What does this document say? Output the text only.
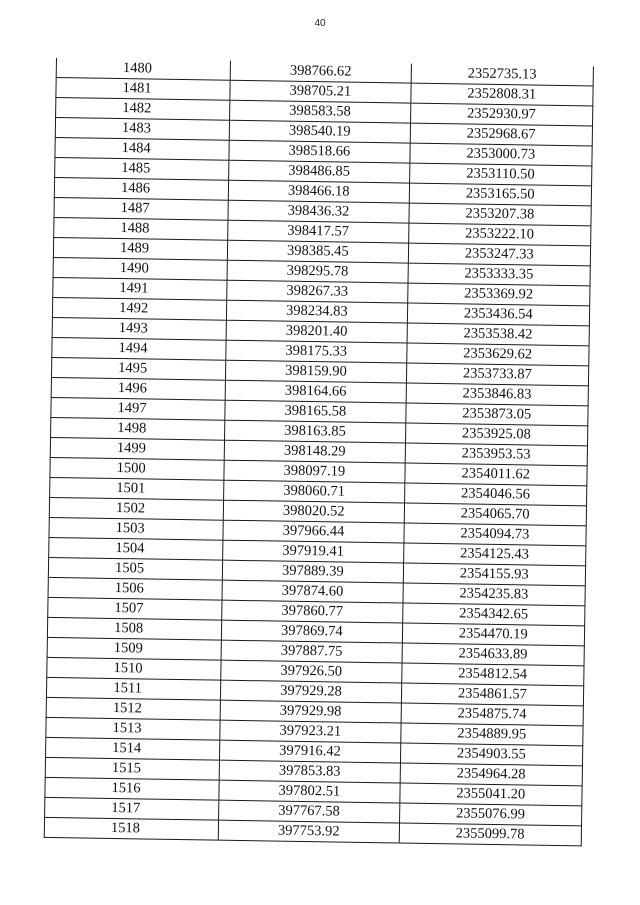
40
1480	398766.62	2352735.13
1481	398705.21	2352808.31
1482	398583.58	2352930.97
1483	398540.19	2352968.67
1484	398518.66	2353000.73
1485	398486.85	2353110.50
1486	398466.18	2353165.50
1487	398436.32	2353207.38
1488	398417.57	2353222.10
1489	398385.45	2353247.33
1490	398295.78	2353333.35
1491	398267.33	2353369.92
1492	398234.83	2353436.54
1493	398201.40	2353538.42
1494	398175.33	2353629.62
1495	398159.90	2353733.87
1496	398164.66	2353846.83
1497	398165.58	2353873.05
1498	398163.85	2353925.08
1499	398148.29	2353953.53
1500	398097.19	2354011.62
1501	398060.71	2354046.56
1502	398020.52	2354065.70
1503	397966.44	2354094.73
1504	397919.41	2354125.43
1505	397889.39	2354155.93
1506	397874.60	2354235.83
1507	397860.77	2354342.65
1508	397869.74	2354470.19
1509	397887.75	2354633.89
1510	397926.50	2354812.54
1511	397929.28	2354861.57
1512	397929.98	2354875.74
1513	397923.21	2354889.95
1514	397916.42	2354903.55
1515	397853.83	2354964.28
1516	397802.51	2355041.20
1517	397767.58	2355076.99
1518	397753.92	2355099.78
